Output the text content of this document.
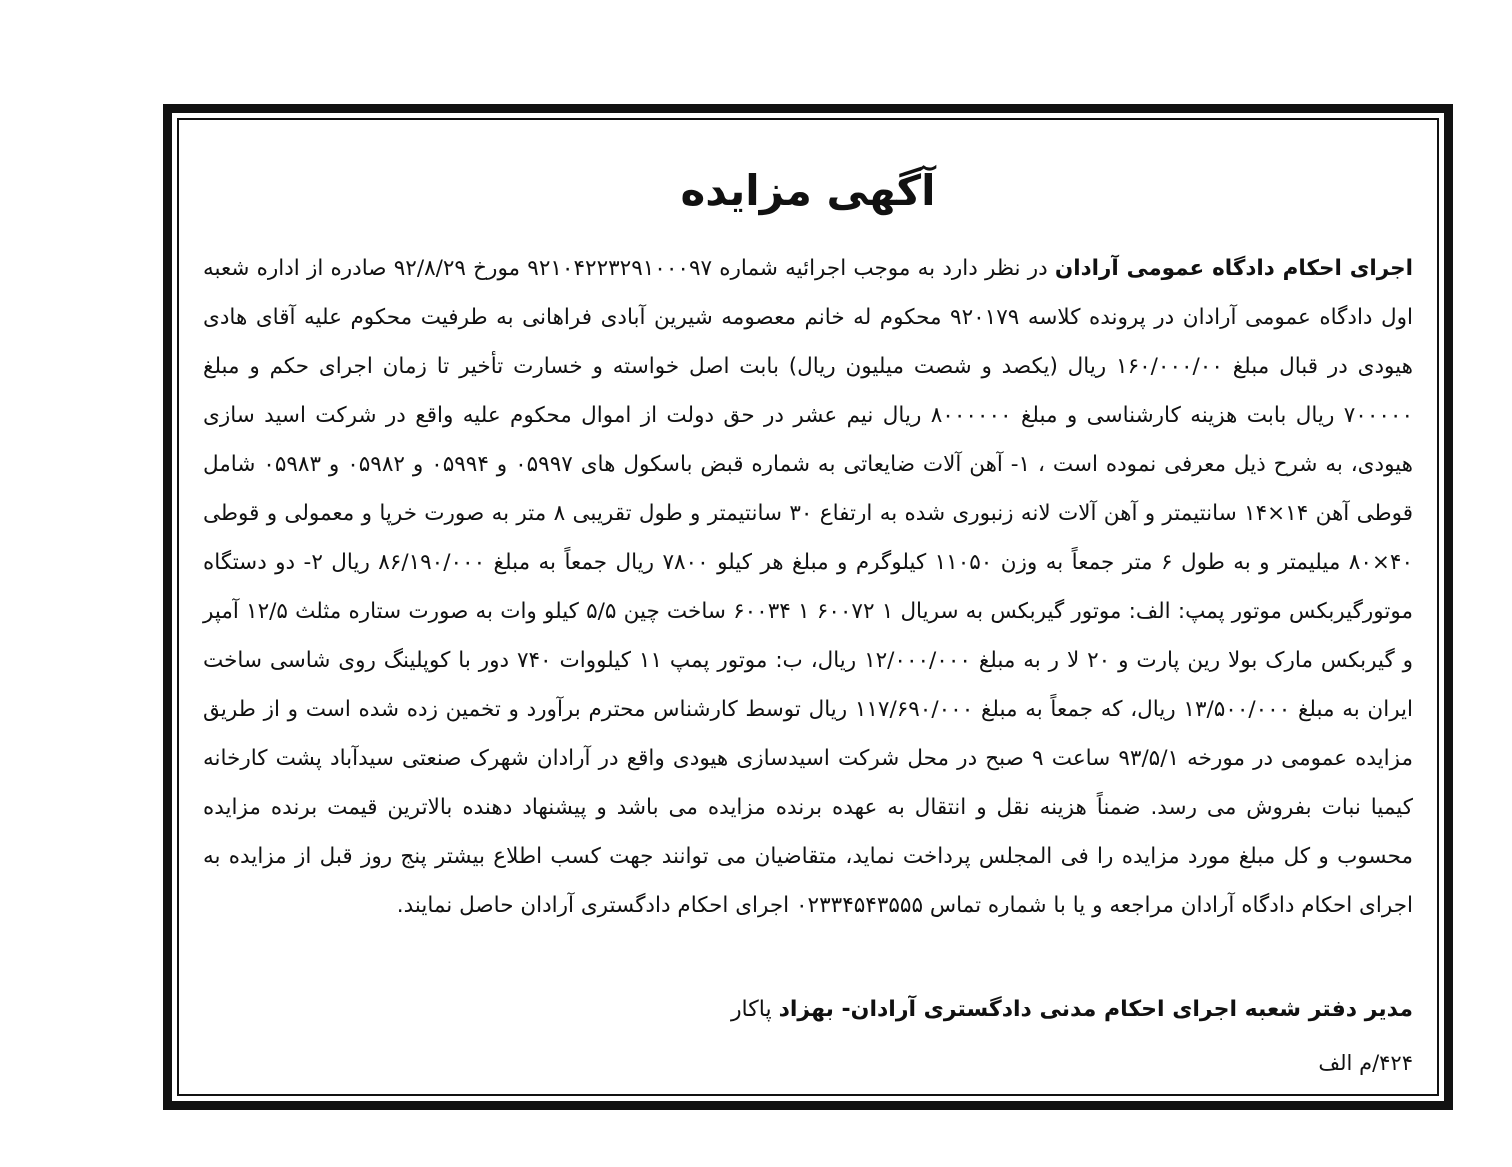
آگهی مزایده

اجرای احکام دادگاه عمومی آرادان در نظر دارد به موجب اجرائیه شماره ۹۲۱۰۴۲۲۳۲۹۱۰۰۰۹۷ مورخ ۹۲/۸/۲۹ صادره از اداره شعبه اول دادگاه عمومی آرادان در پرونده کلاسه ۹۲۰۱۷۹ محکوم له خانم معصومه شیرین آبادی فراهانی به طرفیت محکوم علیه آقای هادی هیودی در قبال مبلغ ۱۶۰/۰۰۰/۰۰ ریال (یکصد و شصت میلیون ریال) بابت اصل خواسته و خسارت تأخیر تا زمان اجرای حکم و مبلغ ۷۰۰۰۰۰ ریال بابت هزینه کارشناسی و مبلغ ۸۰۰۰۰۰۰ ریال نیم عشر در حق دولت از اموال محکوم علیه واقع در شرکت اسید سازی هیودی، به شرح ذیل معرفی نموده است ، ۱- آهن آلات ضایعاتی به شماره قبض باسکول های ۰۵۹۹۷ و ۰۵۹۹۴ و ۰۵۹۸۲ و ۰۵۹۸۳ شامل قوطی آهن ۱۴×۱۴ سانتیمتر و آهن آلات لانه زنبوری شده به ارتفاع ۳۰ سانتیمتر و طول تقریبی ۸ متر به صورت خرپا و معمولی و قوطی ۴۰×۸۰ میلیمتر و به طول ۶ متر جمعاً به وزن ۱۱۰۵۰ کیلوگرم و مبلغ هر کیلو ۷۸۰۰ ریال جمعاً به مبلغ ۸۶/۱۹۰/۰۰۰ ریال ۲- دو دستگاه موتورگیربکس موتور پمپ: الف: موتور گیربکس به سریال ۱ ۶۰۰۷۲ ۱ ۶۰۰۳۴ ساخت چین ۵/۵ کیلو وات به صورت ستاره مثلث ۱۲/۵ آمپر و گیربکس مارک بولا رین پارت و ۲۰ لا ر به مبلغ ۱۲/۰۰۰/۰۰۰ ریال، ب: موتور پمپ ۱۱ کیلووات ۷۴۰ دور با کوپلینگ روی شاسی ساخت ایران به مبلغ ۱۳/۵۰۰/۰۰۰ ریال، که جمعاً به مبلغ ۱۱۷/۶۹۰/۰۰۰ ریال توسط کارشناس محترم برآورد و تخمین زده شده است و از طریق مزایده عمومی در مورخه ۹۳/۵/۱ ساعت ۹ صبح در محل شرکت اسیدسازی هیودی واقع در آرادان شهرک صنعتی سیدآباد پشت کارخانه کیمیا نبات بفروش می رسد. ضمناً هزینه نقل و انتقال به عهده برنده مزایده می باشد و پیشنهاد دهنده بالاترین قیمت برنده مزایده محسوب و کل مبلغ مورد مزایده را فی المجلس پرداخت نماید، متقاضیان می توانند جهت کسب اطلاع بیشتر پنج روز قبل از مزایده به اجرای احکام دادگاه آرادان مراجعه و یا با شماره تماس ۰۲۳۳۴۵۴۳۵۵۵ اجرای احکام دادگستری آرادان حاصل نمایند.

مدیر دفتر شعبه اجرای احکام مدنی دادگستری آرادان- بهزاد پاکار

۴۲۴/م الف
